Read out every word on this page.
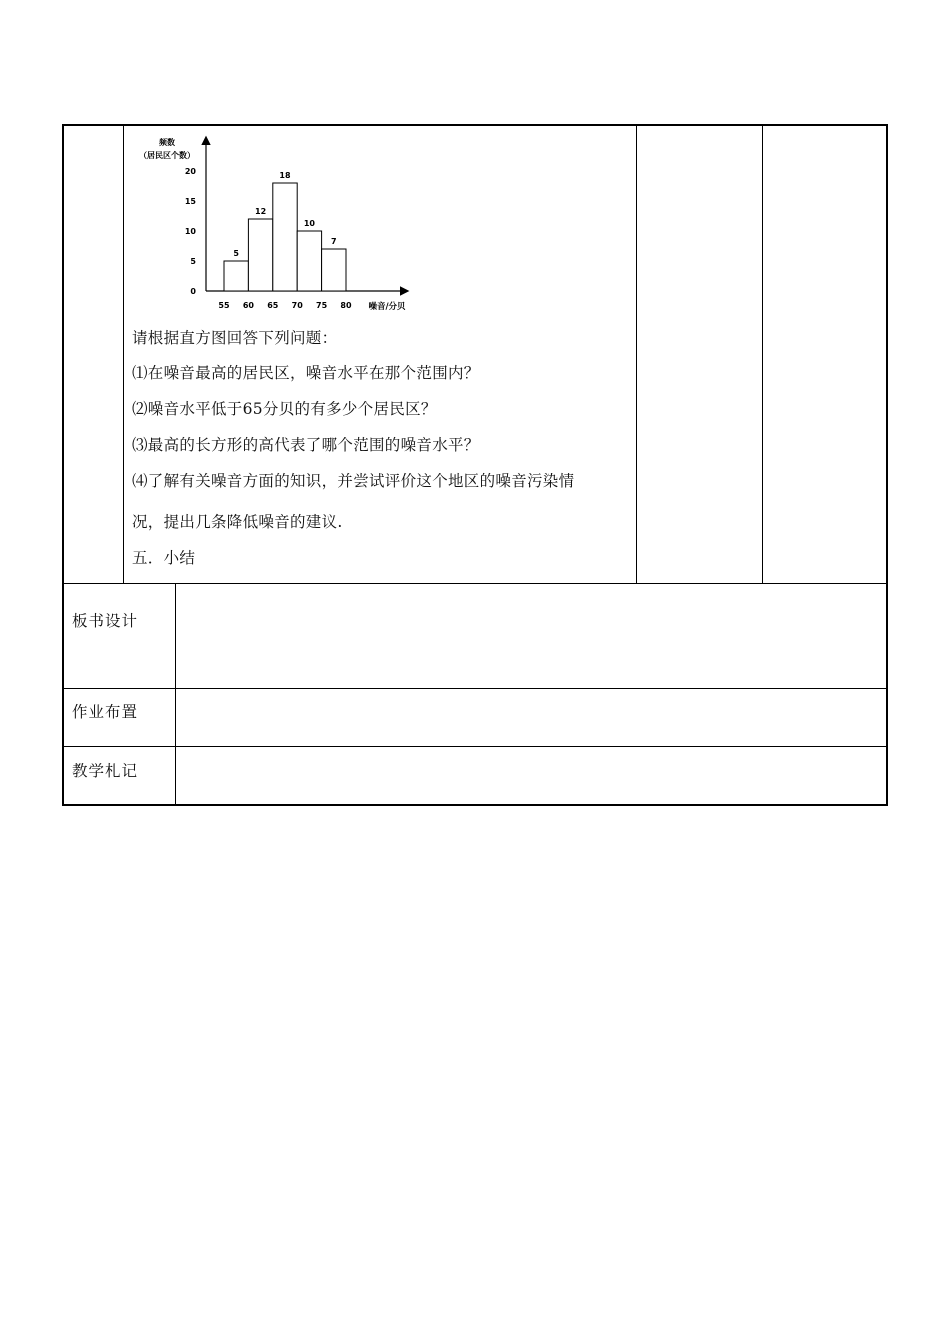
频数
（居民区个数）
0
5
10
15
20
5
12
18
10
7
55 60 65 70 75 80 噪音/分贝
请根据直方图回答下列问题：
⑴在噪音最高的居民区，噪音水平在那个范围内？
⑵噪音水平低于65分贝的有多少个居民区？
⑶最高的长方形的高代表了哪个范围的噪音水平？
⑷了解有关噪音方面的知识，并尝试评价这个地区的噪音污染情
况，提出几条降低噪音的建议.
五．小结
板书设计
作业布置
教学札记
